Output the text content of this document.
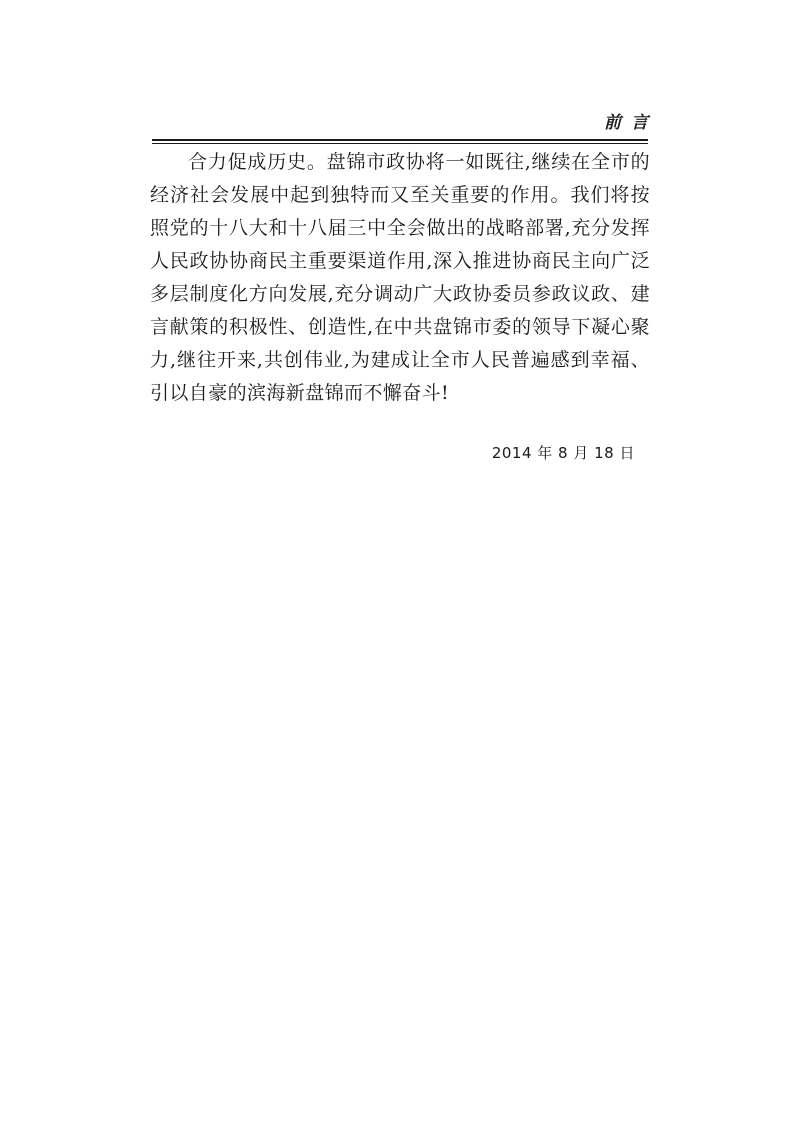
前言

合力促成历史。盘锦市政协将一如既往,继续在全市的经济社会发展中起到独特而又至关重要的作用。我们将按照党的十八大和十八届三中全会做出的战略部署,充分发挥人民政协协商民主重要渠道作用,深入推进协商民主向广泛多层制度化方向发展,充分调动广大政协委员参政议政、建言献策的积极性、创造性,在中共盘锦市委的领导下凝心聚力,继往开来,共创伟业,为建成让全市人民普遍感到幸福、引以自豪的滨海新盘锦而不懈奋斗!

2014 年 8 月 18 日
